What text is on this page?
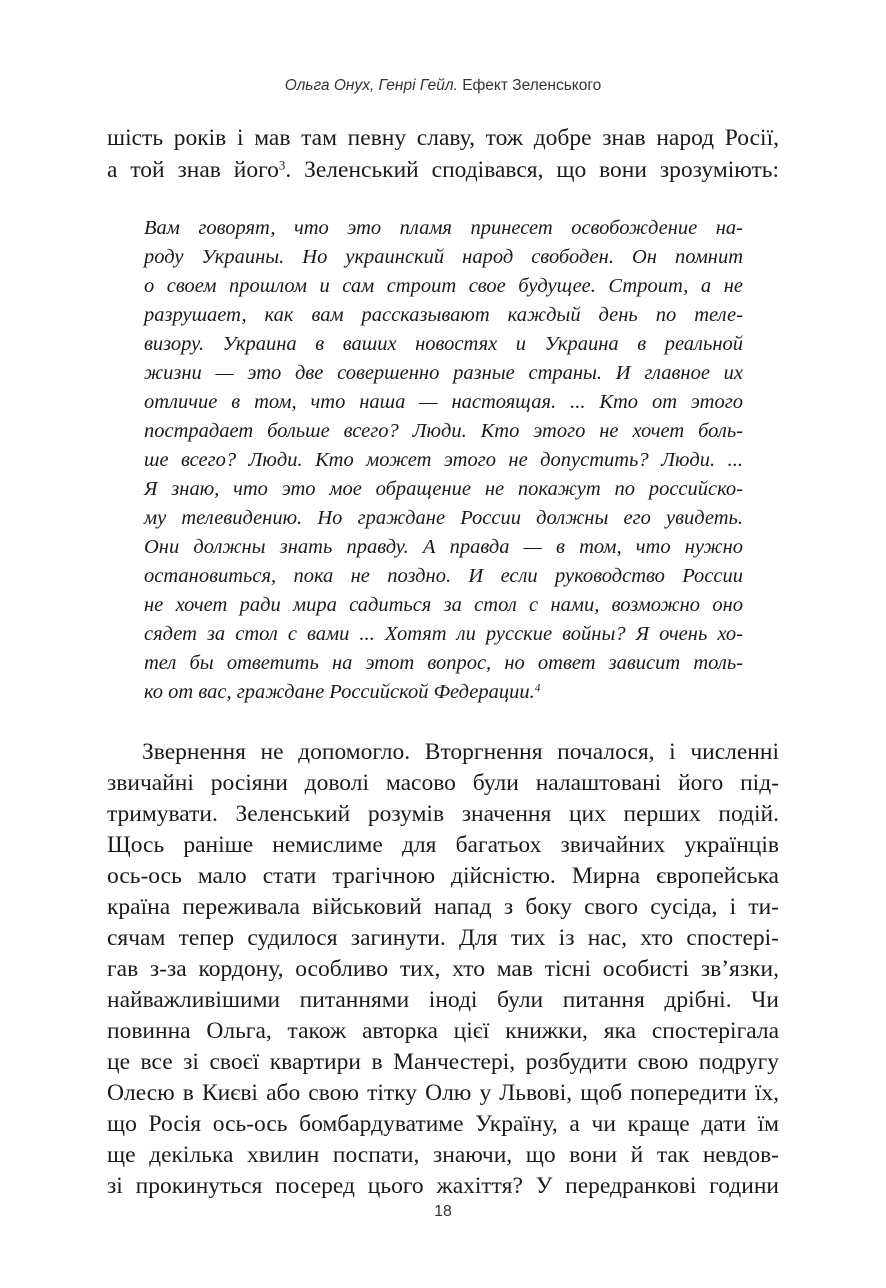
Ольга Онух, Генрі Гейл. Ефект Зеленського
шість років і мав там певну славу, тож добре знав народ Росії,
а той знав його$^3$. Зеленський сподівався, що вони зрозуміють:
Вам говорят, что это пламя принесет освобождение на-
роду Украины. Но украинский народ свободен. Он помнит
о своем прошлом и сам строит свое будущее. Строит, а не
разрушает, как вам рассказывают каждый день по теле-
визору. Украина в ваших новостях и Украина в реальной
жизни — это две совершенно разные страны. И главное их
отличие в том, что наша — настоящая. ... Кто от этого
пострадает больше всего? Люди. Кто этого не хочет боль-
ше всего? Люди. Кто может этого не допустить? Люди. ...
Я знаю, что это мое обращение не покажут по российско-
му телевидению. Но граждане России должны его увидеть.
Они должны знать правду. А правда — в том, что нужно
остановиться, пока не поздно. И если руководство России
не хочет ради мира садиться за стол с нами, возможно оно
сядет за стол с вами ... Хотят ли русские войны? Я очень хо-
тел бы ответить на этот вопрос, но ответ зависит толь-
ко от вас, граждане Российской Федерации.$^4$
Звернення не допомогло. Вторгнення почалося, і численні
звичайні росіяни доволі масово були налаштовані його під-
тримувати. Зеленський розумів значення цих перших подій.
Щось раніше немислиме для багатьох звичайних українців
ось-ось мало стати трагічною дійсністю. Мирна європейська
країна переживала військовий напад з боку свого сусіда, і ти-
сячам тепер судилося загинути. Для тих із нас, хто спостері-
гав з-за кордону, особливо тих, хто мав тісні особисті зв’язки,
найважливішими питаннями іноді були питання дрібні. Чи
повинна Ольга, також авторка цієї книжки, яка спостерігала
це все зі своєї квартири в Манчестері, розбудити свою подругу
Олесю в Києві або свою тітку Олю у Львові, щоб попередити їх,
що Росія ось-ось бомбардуватиме Україну, а чи краще дати їм
ще декілька хвилин поспати, знаючи, що вони й так невдов-
зі прокинуться посеред цього жахіття? У передранкові години
18
